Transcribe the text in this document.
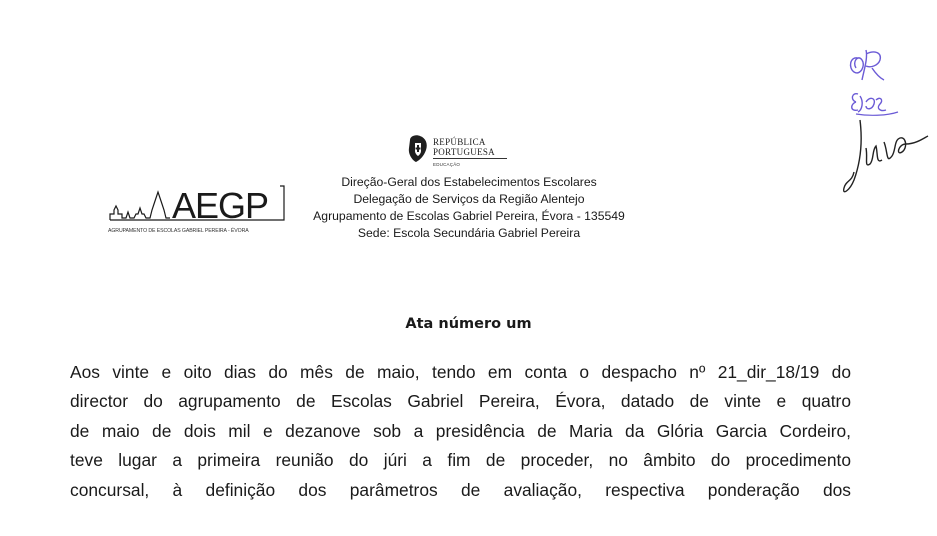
REPÚBLICA
PORTUGUESA
EDUCAÇÃO
AEGP
AGRUPAMENTO DE ESCOLAS GABRIEL PEREIRA - ÉVORA
Direção-Geral dos Estabelecimentos Escolares
Delegação de Serviços da Região Alentejo
Agrupamento de Escolas Gabriel Pereira, Évora - 135549
Sede: Escola Secundária Gabriel Pereira
Ata número um
Aos vinte e oito dias do mês de maio, tendo em conta o despacho nº 21_dir_18/19 do
director do agrupamento de Escolas Gabriel Pereira, Évora, datado de vinte e quatro
de maio de dois mil e dezanove sob a presidência de Maria da Glória Garcia Cordeiro,
teve lugar a primeira reunião do júri a fim de proceder, no âmbito do procedimento
concursal, à definição dos parâmetros de avaliação, respectiva ponderação dos
